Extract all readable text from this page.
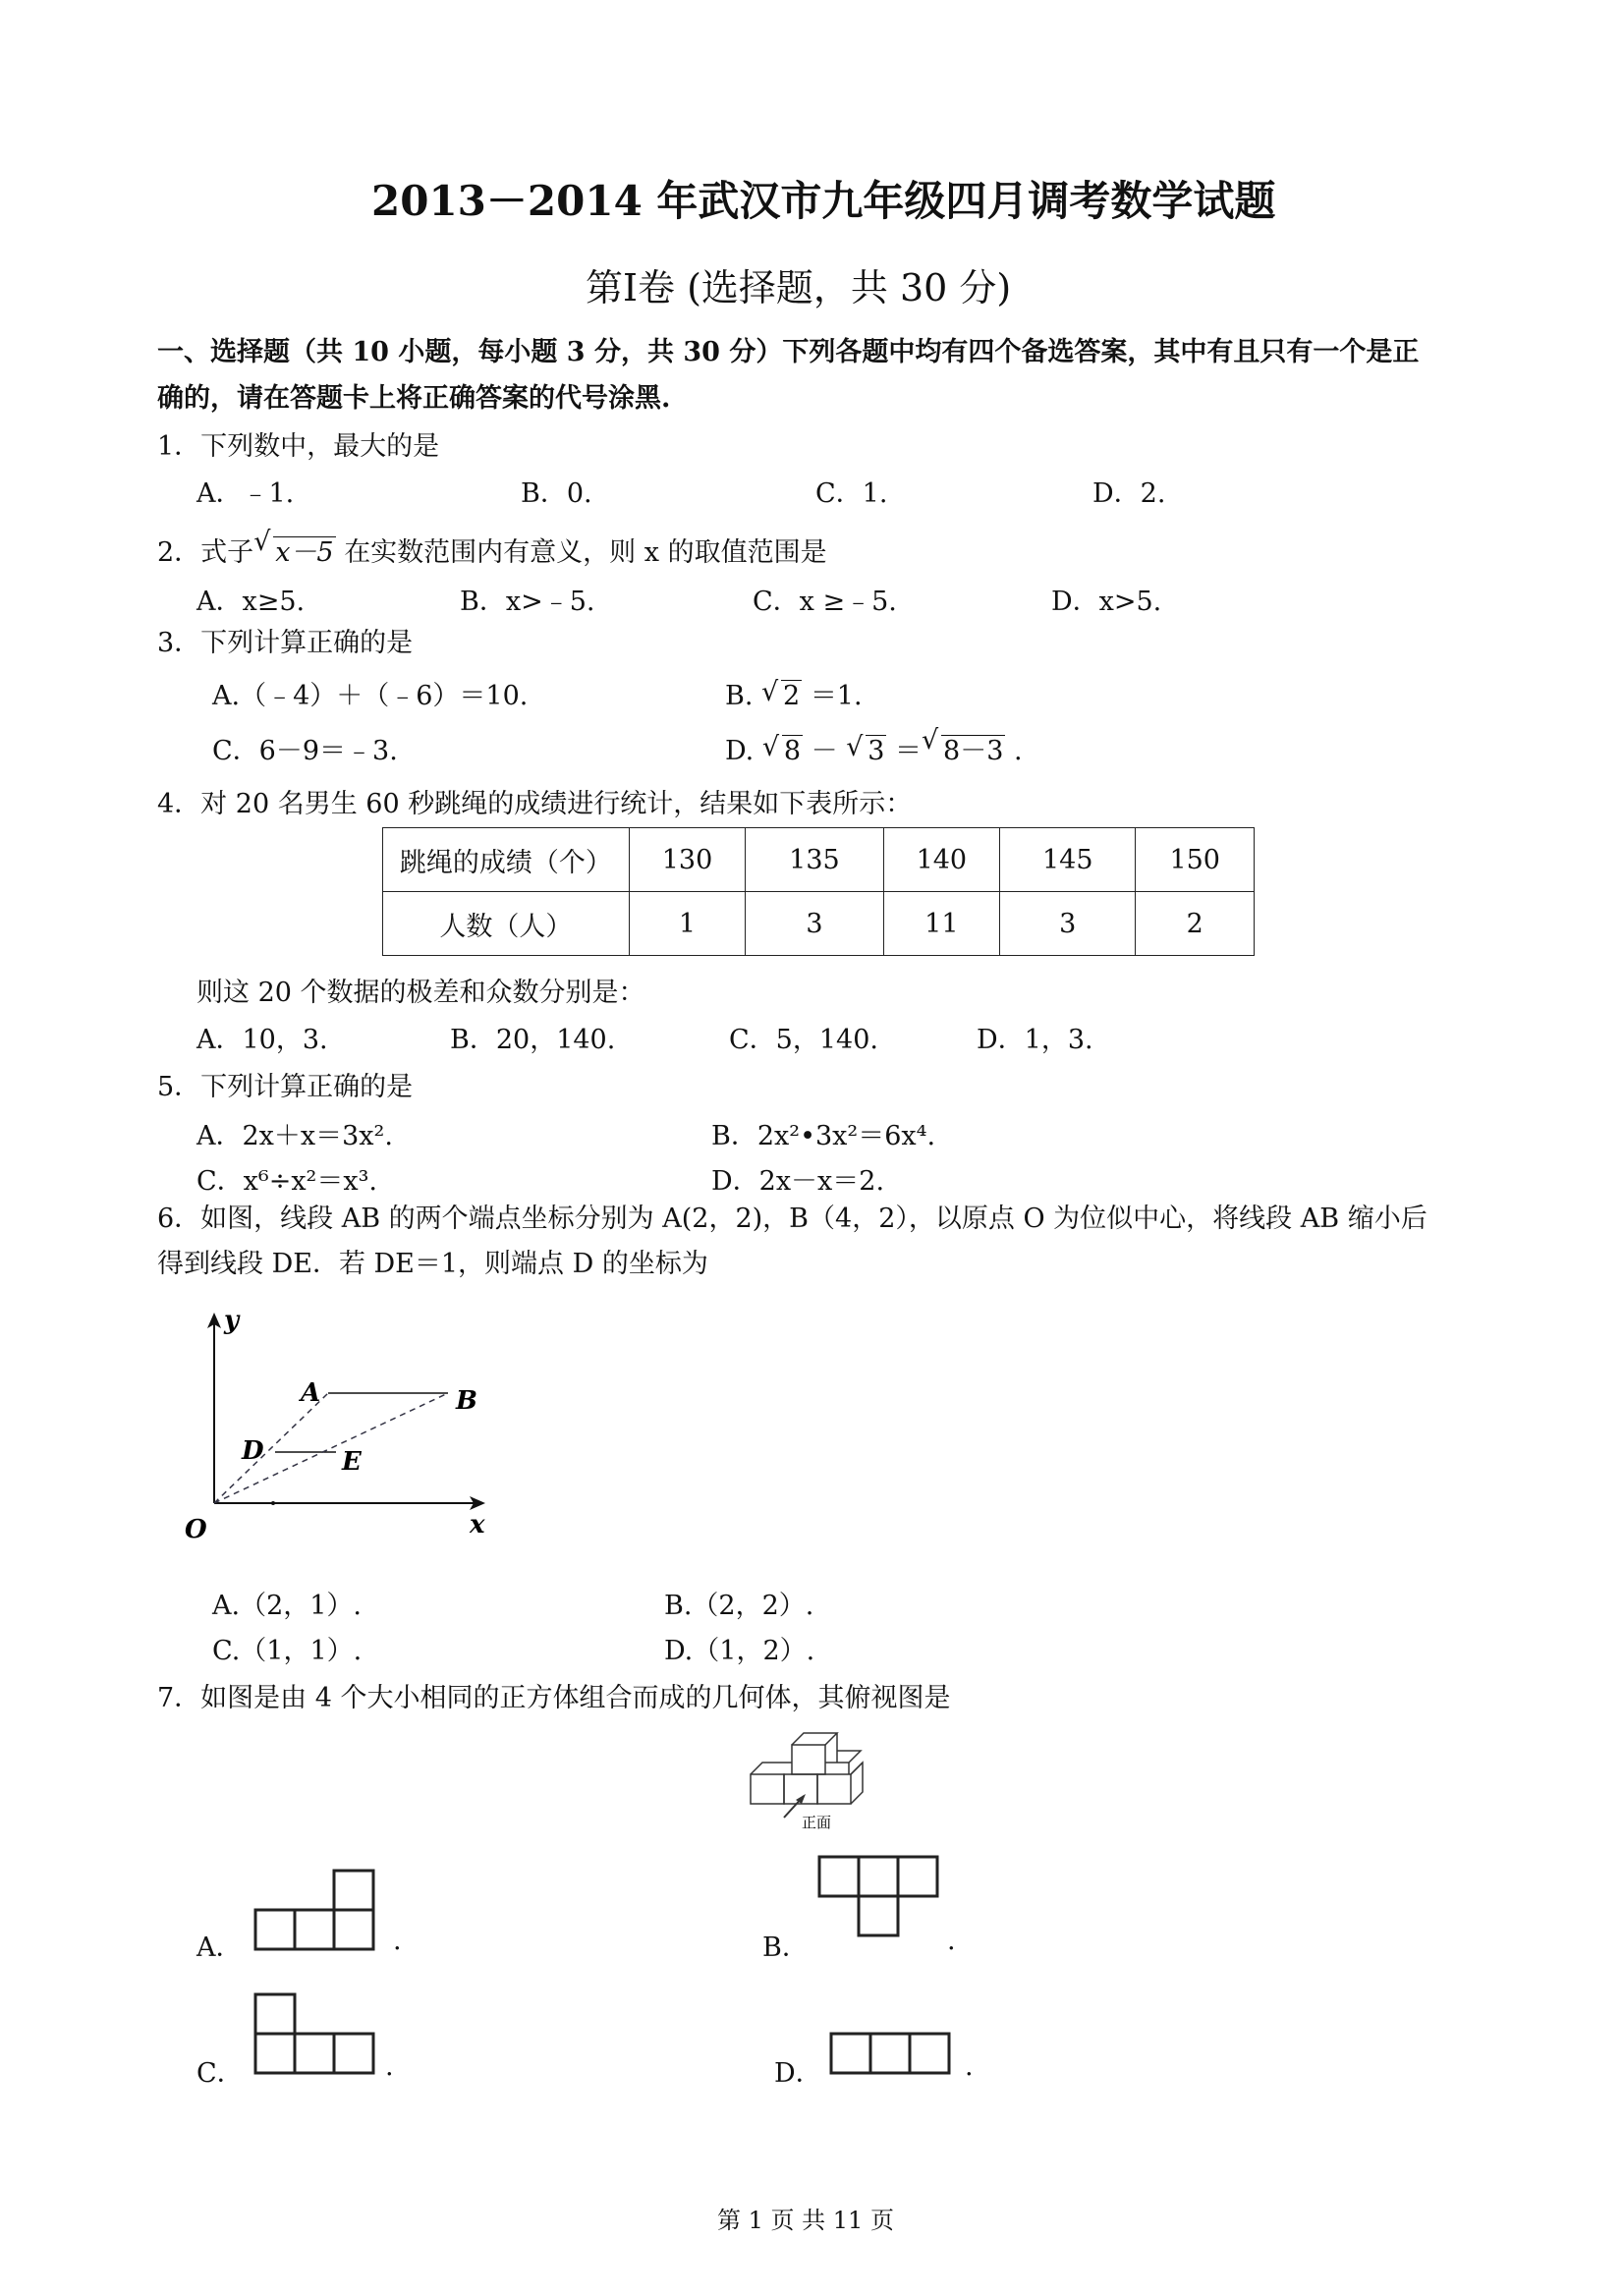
2013－2014 年武汉市九年级四月调考数学试题
第Ⅰ卷 (选择题，共 30 分)
一、选择题（共 10 小题，每小题 3 分，共 30 分）下列各题中均有四个备选答案，其中有且只有一个是正
确的，请在答题卡上将正确答案的代号涂黑.
1．下列数中，最大的是
A．﹣1.	B．0.	C．1.	D．2.
2．式子 √ x－5 在实数范围内有意义，则 x 的取值范围是
A．x≥5.	B．x>﹣5.	C．x ≥﹣5.	D．x>5.
3．下列计算正确的是
A.（﹣4）＋（﹣6）＝10.	B. √ 2 ＝1.
C．6－9＝﹣3.	D. √ 8 － √ 3 ＝ √ 8－3 .
4．对 20 名男生 60 秒跳绳的成绩进行统计，结果如下表所示：
跳绳的成绩（个）	130	135	140	145	150
人数（人）	1	3	11	3	2
则这 20 个数据的极差和众数分别是：
A．10，3.	B．20，140.	C．5，140.	D．1，3.
5．下列计算正确的是
A．2x＋x＝3x².	B．2x²•3x²＝6x⁴.
C．x⁶÷x²＝x³.	D．2x－x＝2.
6．如图，线段 AB 的两个端点坐标分别为 A(2，2)，B（4，2），以原点 O 为位似中心，将线段 AB 缩小后
得到线段 DE．若 DE＝1，则端点 D 的坐标为
y
x
O
A	B
D	E
A.（2，1）.	B.（2，2）.
C.（1，1）.	D.（1，2）.
7．如图是由 4 个大小相同的正方体组合而成的几何体，其俯视图是
正面
A．	.	B．	.
C．	.	D．	.
第 1 页 共 11 页
